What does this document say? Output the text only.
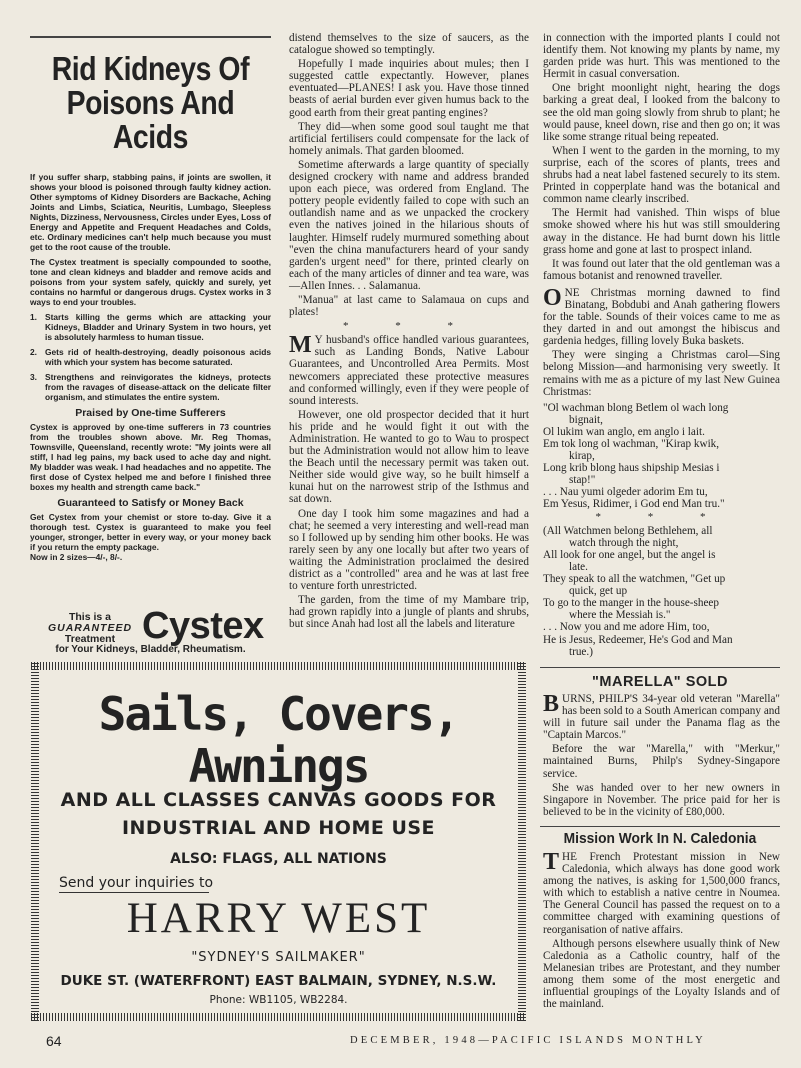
Rid Kidneys Of
Poisons And Acids

If you suffer sharp, stabbing pains, if joints are swollen, it shows your blood is poisoned through faulty kidney action. Other symptoms of Kidney Disorders are Backache, Aching Joints and Limbs, Sciatica, Neuritis, Lumbago, Sleepless Nights, Dizziness, Nervousness, Circles under Eyes, Loss of Energy and Appetite and Frequent Headaches and Colds, etc. Ordinary medicines can't help much because you must get to the root cause of the trouble.

The Cystex treatment is specially compounded to soothe, tone and clean kidneys and bladder and remove acids and poisons from your system safely, quickly and surely, yet contains no harmful or dangerous drugs. Cystex works in 3 ways to end your troubles.

1. Starts killing the germs which are attacking your Kidneys, Bladder and Urinary System in two hours, yet is absolutely harmless to human tissue.
2. Gets rid of health-destroying, deadly poisonous acids with which your system has become saturated.
3. Strengthens and reinvigorates the kidneys, protects from the ravages of disease-attack on the delicate filter organism, and stimulates the entire system.
Praised by One-time Sufferers

Cystex is approved by one-time sufferers in 73 countries from the troubles shown above. Mr. Reg Thomas, Townsville, Queensland, recently wrote: "My joints were all stiff, I had leg pains, my back used to ache day and night. My bladder was weak. I had headaches and no appetite. The first dose of Cystex helped me and before I finished three boxes my health and strength came back."

Guaranteed to Satisfy or Money Back

Get Cystex from your chemist or store to-day. Give it a thorough test. Cystex is guaranteed to make you feel younger, stronger, better in every way, or your money back if you return the empty package.

Now in 2 sizes—4/-, 8/-.

This is a
GUARANTEED
Treatment Cystex
for Your Kidneys, Bladder, Rheumatism.

distend themselves to the size of saucers, as the catalogue showed so temptingly.

Hopefully I made inquiries about mules; then I suggested cattle expectantly. However, planes eventuated—PLANES! I ask you. Have those tinned beasts of aerial burden ever given humus back to the good earth from their great panting engines?

They did—when some good soul taught me that artificial fertilisers could compensate for the lack of homely animals. That garden bloomed.

Sometime afterwards a large quantity of specially designed crockery with name and address branded upon each piece, was ordered from England. The pottery people evidently failed to cope with such an outlandish name and as we unpacked the crockery even the natives joined in the hilarious shouts of laughter. Himself rudely murmured something about "even the china manufacturers heard of your sandy garden's urgent need" for there, printed clearly on each of the many articles of dinner and tea ware, was—Allen Innes. . . Salamanua.

"Manua" at last came to Salamaua on cups and plates!

* * *

M Y husband's office handled various guarantees, such as Landing Bonds, Native Labour Guarantees, and Uncontrolled Area Permits. Most newcomers appreciated these protective measures and conformed willingly, even if they were people of sound interests.

However, one old prospector decided that it hurt his pride and he would fight it out with the Administration. He wanted to go to Wau to prospect but the Administration would not allow him to leave the Beach until the necessary permit was taken out. Neither side would give way, so he built himself a kunai hut on the narrowest strip of the Isthmus and sat down.

One day I took him some magazines and had a chat; he seemed a very interesting and well-read man so I followed up by sending him other books. He was rarely seen by any one locally but after two years of waiting the Administration proclaimed the desired district as a "controlled" area and he was at last free to venture forth unrestricted.

The garden, from the time of my Mambare trip, had grown rapidly into a jungle of plants and shrubs, but since Anah had lost all the labels and literature

in connection with the imported plants I could not identify them. Not knowing my plants by name, my garden pride was hurt. This was mentioned to the Hermit in casual conversation.

One bright moonlight night, hearing the dogs barking a great deal, I looked from the balcony to see the old man going slowly from shrub to plant; he would pause, kneel down, rise and then go on; it was like some strange ritual being repeated.

When I went to the garden in the morning, to my surprise, each of the scores of plants, trees and shrubs had a neat label fastened securely to its stem. Printed in copperplate hand was the botanical and common name clearly inscribed.

The Hermit had vanished. Thin wisps of blue smoke showed where his hut was still smouldering away in the distance. He had burnt down his little grass home and gone at last to prospect inland.

It was found out later that the old gentleman was a famous botanist and renowned traveller.

ONE Christmas morning dawned to find Binatang, Bobdubi and Anah gathering flowers for the table. Sounds of their voices came to me as they darted in and out amongst the hibiscus and gardenia hedges, filling lovely Buka baskets.

They were singing a Christmas carol—Sing belong Mission—and harmonising very sweetly. It remains with me as a picture of my last New Guinea Christmas:

"Ol wachman blong Betlem ol wach long

bignait,

Ol lukim wan anglo, em anglo i lait.

Em tok long ol wachman, "Kirap kwik,

kirap,

Long krib blong haus shipship Mesias i

stap!"

. . . Nau yumi olgeder adorim Em tu,

Em Yesus, Ridimer, i God end Man tru."

* * *

(All Watchmen belong Bethlehem, all

watch through the night,

All look for one angel, but the angel is

late.

They speak to all the watchmen, "Get up

quick, get up

To go to the manger in the house-sheep

where the Messiah is."

. . . Now you and me adore Him, too,

He is Jesus, Redeemer, He's God and Man

true.)

Sails, Covers, Awnings
AND ALL CLASSES CANVAS GOODS FOR
INDUSTRIAL AND HOME USE
ALSO: FLAGS, ALL NATIONS
Send your inquiries to
HARRY WEST
"SYDNEY'S SAILMAKER"
DUKE ST. (WATERFRONT) EAST BALMAIN, SYDNEY, N.S.W.
Phone: WB1105, WB2284.
"MARELLA" SOLD

BURNS, PHILP'S 34-year old veteran "Marella" has been sold to a South American company and will in future sail under the Panama flag as the "Captain Marcos."

Before the war "Marella," with "Merkur," maintained Burns, Philp's Sydney-Singapore service.

She was handed over to her new owners in Singapore in November. The price paid for her is believed to be in the vicinity of £80,000.

Mission Work In N. Caledonia

THE French Protestant mission in New Caledonia, which always has done good work among the natives, is asking for 1,500,000 francs, with which to establish a native centre in Noumea. The General Council has passed the request on to a committee charged with examining questions of reorganisation of native affairs.

Although persons elsewhere usually think of New Caledonia as a Catholic country, half of the Melanesian tribes are Protestant, and they number among them some of the most energetic and influential groupings of the Loyalty Islands and of the mainland.

64	DECEMBER, 1948—PACIFIC ISLANDS MONTHLY
